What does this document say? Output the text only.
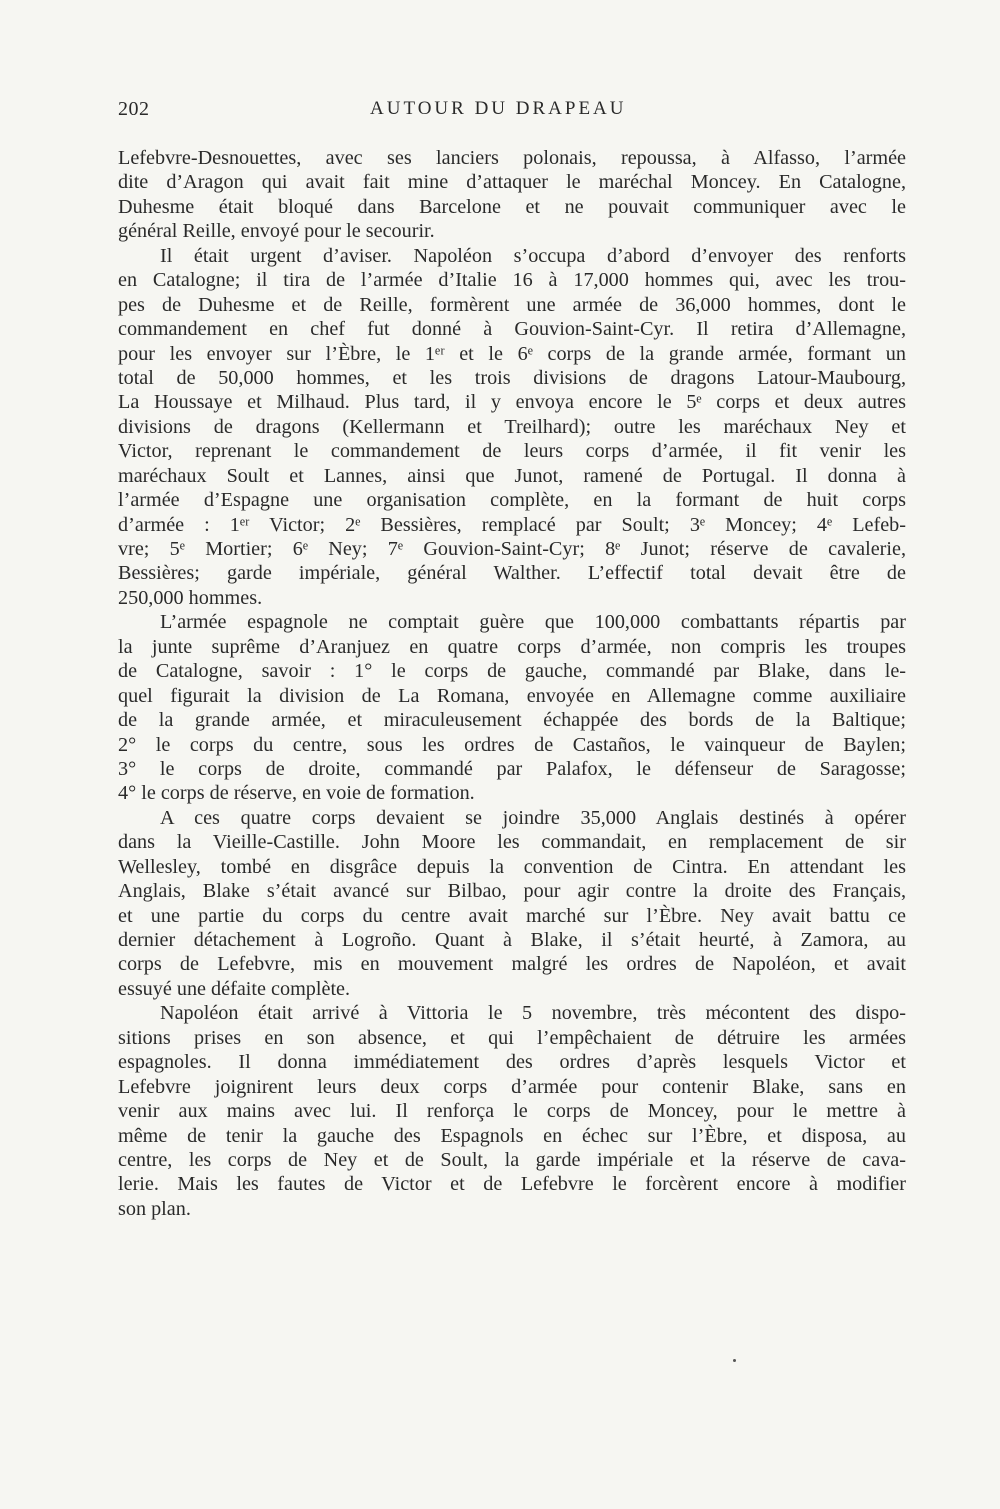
202	AUTOUR DU DRAPEAU
Lefebvre-Desnouettes, avec ses lanciers polonais, repoussa, à Alfasso, l’armée
dite d’Aragon qui avait fait mine d’attaquer le maréchal Moncey. En Catalogne,
Duhesme était bloqué dans Barcelone et ne pouvait communiquer avec le
général Reille, envoyé pour le secourir.
Il était urgent d’aviser. Napoléon s’occupa d’abord d’envoyer des renforts
en Catalogne; il tira de l’armée d’Italie 16 à 17,000 hommes qui, avec les trou-
pes de Duhesme et de Reille, formèrent une armée de 36,000 hommes, dont le
commandement en chef fut donné à Gouvion-Saint-Cyr. Il retira d’Allemagne,
pour les envoyer sur l’Èbre, le 1ᵉʳ et le 6ᵉ corps de la grande armée, formant un
total de 50,000 hommes, et les trois divisions de dragons Latour-Maubourg,
La Houssaye et Milhaud. Plus tard, il y envoya encore le 5ᵉ corps et deux autres
divisions de dragons (Kellermann et Treilhard); outre les maréchaux Ney et
Victor, reprenant le commandement de leurs corps d’armée, il fit venir les
maréchaux Soult et Lannes, ainsi que Junot, ramené de Portugal. Il donna à
l’armée d’Espagne une organisation complète, en la formant de huit corps
d’armée : 1ᵉʳ Victor; 2ᵉ Bessières, remplacé par Soult; 3ᵉ Moncey; 4ᵉ Lefeb-
vre; 5ᵉ Mortier; 6ᵉ Ney; 7ᵉ Gouvion-Saint-Cyr; 8ᵉ Junot; réserve de cavalerie,
Bessières; garde impériale, général Walther. L’effectif total devait être de
250,000 hommes.
L’armée espagnole ne comptait guère que 100,000 combattants répartis par
la junte suprême d’Aranjuez en quatre corps d’armée, non compris les troupes
de Catalogne, savoir : 1° le corps de gauche, commandé par Blake, dans le-
quel figurait la division de La Romana, envoyée en Allemagne comme auxiliaire
de la grande armée, et miraculeusement échappée des bords de la Baltique;
2° le corps du centre, sous les ordres de Castaños, le vainqueur de Baylen;
3° le corps de droite, commandé par Palafox, le défenseur de Saragosse;
4° le corps de réserve, en voie de formation.
A ces quatre corps devaient se joindre 35,000 Anglais destinés à opérer
dans la Vieille-Castille. John Moore les commandait, en remplacement de sir
Wellesley, tombé en disgrâce depuis la convention de Cintra. En attendant les
Anglais, Blake s’était avancé sur Bilbao, pour agir contre la droite des Français,
et une partie du corps du centre avait marché sur l’Èbre. Ney avait battu ce
dernier détachement à Logroño. Quant à Blake, il s’était heurté, à Zamora, au
corps de Lefebvre, mis en mouvement malgré les ordres de Napoléon, et avait
essuyé une défaite complète.
Napoléon était arrivé à Vittoria le 5 novembre, très mécontent des dispo-
sitions prises en son absence, et qui l’empêchaient de détruire les armées
espagnoles. Il donna immédiatement des ordres d’après lesquels Victor et
Lefebvre joignirent leurs deux corps d’armée pour contenir Blake, sans en
venir aux mains avec lui. Il renforça le corps de Moncey, pour le mettre à
même de tenir la gauche des Espagnols en échec sur l’Èbre, et disposa, au
centre, les corps de Ney et de Soult, la garde impériale et la réserve de cava-
lerie. Mais les fautes de Victor et de Lefebvre le forcèrent encore à modifier
son plan.
